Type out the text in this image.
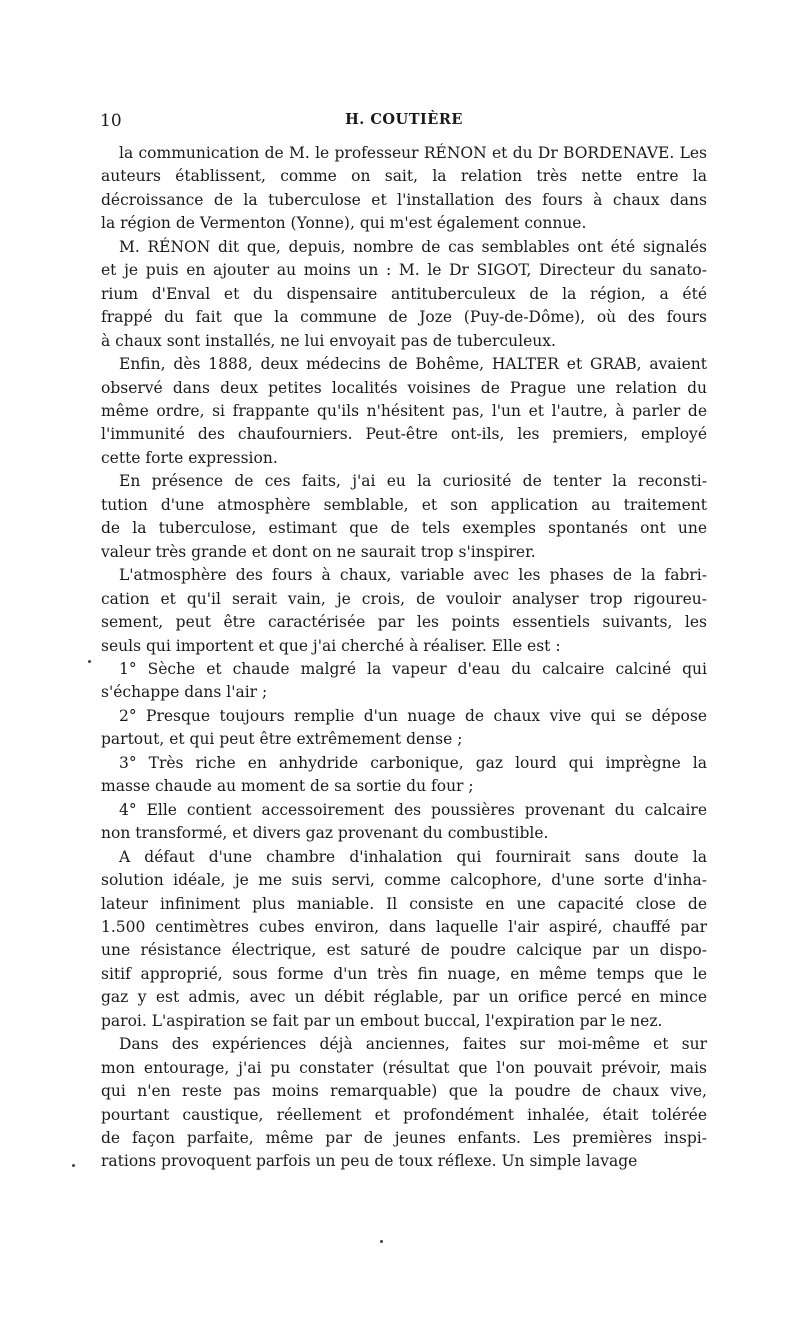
10	H. COUTIÈRE
la communication de M. le professeur RÉNON et du Dr BORDENAVE. Les
auteurs établissent, comme on sait, la relation très nette entre la
décroissance de la tuberculose et l'installation des fours à chaux dans
la région de Vermenton (Yonne), qui m'est également connue.
M. RÉNON dit que, depuis, nombre de cas semblables ont été signalés
et je puis en ajouter au moins un : M. le Dr SIGOT, Directeur du sanato-
rium d'Enval et du dispensaire antituberculeux de la région, a été
frappé du fait que la commune de Joze (Puy-de-Dôme), où des fours
à chaux sont installés, ne lui envoyait pas de tuberculeux.
Enfin, dès 1888, deux médecins de Bohême, HALTER et GRAB, avaient
observé dans deux petites localités voisines de Prague une relation du
même ordre, si frappante qu'ils n'hésitent pas, l'un et l'autre, à parler de
l'immunité des chaufourniers. Peut-être ont-ils, les premiers, employé
cette forte expression.
En présence de ces faits, j'ai eu la curiosité de tenter la reconsti-
tution d'une atmosphère semblable, et son application au traitement
de la tuberculose, estimant que de tels exemples spontanés ont une
valeur très grande et dont on ne saurait trop s'inspirer.
L'atmosphère des fours à chaux, variable avec les phases de la fabri-
cation et qu'il serait vain, je crois, de vouloir analyser trop rigoureu-
sement, peut être caractérisée par les points essentiels suivants, les
seuls qui importent et que j'ai cherché à réaliser. Elle est :
1° Sèche et chaude malgré la vapeur d'eau du calcaire calciné qui
s'échappe dans l'air ;
2° Presque toujours remplie d'un nuage de chaux vive qui se dépose
partout, et qui peut être extrêmement dense ;
3° Très riche en anhydride carbonique, gaz lourd qui imprègne la
masse chaude au moment de sa sortie du four ;
4° Elle contient accessoirement des poussières provenant du calcaire
non transformé, et divers gaz provenant du combustible.
A défaut d'une chambre d'inhalation qui fournirait sans doute la
solution idéale, je me suis servi, comme calcophore, d'une sorte d'inha-
lateur infiniment plus maniable. Il consiste en une capacité close de
1.500 centimètres cubes environ, dans laquelle l'air aspiré, chauffé par
une résistance électrique, est saturé de poudre calcique par un dispo-
sitif approprié, sous forme d'un très fin nuage, en même temps que le
gaz y est admis, avec un débit réglable, par un orifice percé en mince
paroi. L'aspiration se fait par un embout buccal, l'expiration par le nez.
Dans des expériences déjà anciennes, faites sur moi-même et sur
mon entourage, j'ai pu constater (résultat que l'on pouvait prévoir, mais
qui n'en reste pas moins remarquable) que la poudre de chaux vive,
pourtant caustique, réellement et profondément inhalée, était tolérée
de façon parfaite, même par de jeunes enfants. Les premières inspi-
rations provoquent parfois un peu de toux réflexe. Un simple lavage
